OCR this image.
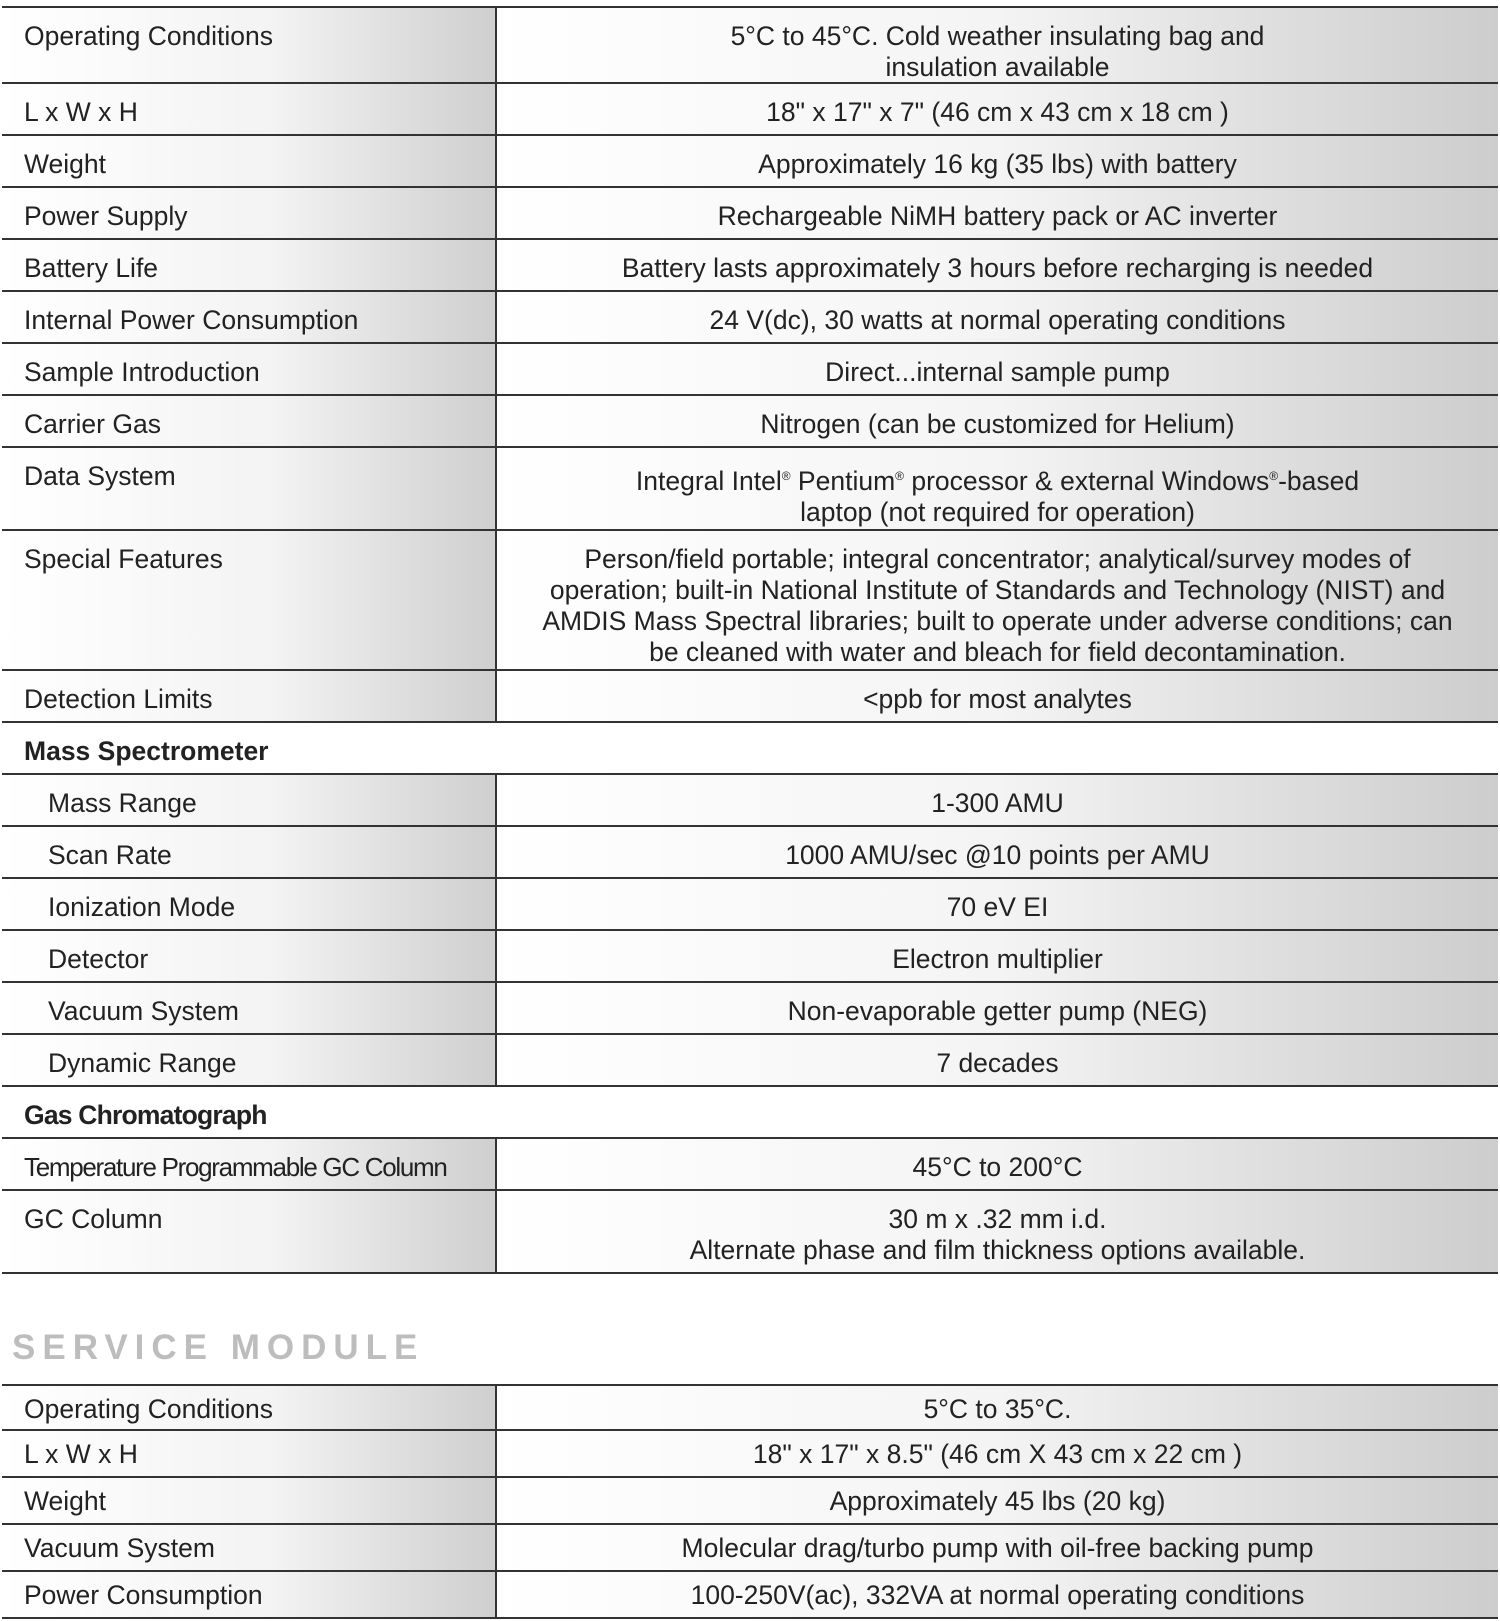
Operating Conditions	5°C to 45°C. Cold weather insulating bag and
insulation available
L x W x H	18" x 17" x 7" (46 cm x 43 cm x 18 cm )
Weight	Approximately 16 kg (35 lbs) with battery
Power Supply	Rechargeable NiMH battery pack or AC inverter
Battery Life	Battery lasts approximately 3 hours before recharging is needed
Internal Power Consumption	24 V(dc), 30 watts at normal operating conditions
Sample Introduction	Direct...internal sample pump
Carrier Gas	Nitrogen (can be customized for Helium)
Data System	Integral Intel® Pentium® processor & external Windows®-based
laptop (not required for operation)
Special Features	Person/field portable; integral concentrator; analytical/survey modes of
operation; built-in National Institute of Standards and Technology (NIST) and
AMDIS Mass Spectral libraries; built to operate under adverse conditions; can
be cleaned with water and bleach for field decontamination.
Detection Limits	<ppb for most analytes
Mass Spectrometer
Mass Range	1-300 AMU
Scan Rate	1000 AMU/sec @10 points per AMU
Ionization Mode	70 eV EI
Detector	Electron multiplier
Vacuum System	Non-evaporable getter pump (NEG)
Dynamic Range	7 decades
Gas Chromatograph
Temperature Programmable GC Column	45°C to 200°C
GC Column	30 m x .32 mm i.d.
Alternate phase and film thickness options available.
SERVICE MODULE
Operating Conditions	5°C to 35°C.
L x W x H	18" x 17" x 8.5" (46 cm X 43 cm x 22 cm )
Weight	Approximately 45 lbs (20 kg)
Vacuum System	Molecular drag/turbo pump with oil-free backing pump
Power Consumption	100-250V(ac), 332VA at normal operating conditions
